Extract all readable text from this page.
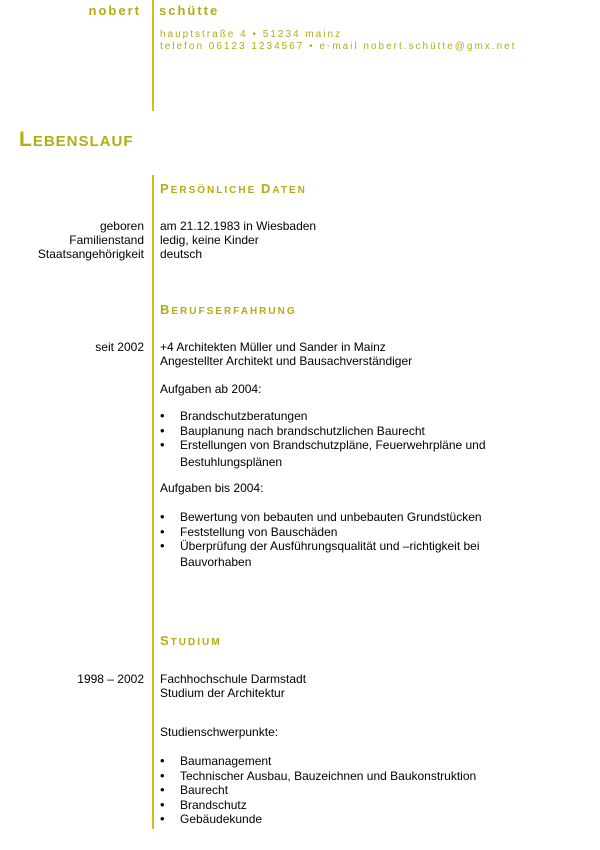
nobert schütte
hauptstraße 4 • 51234 mainz
telefon 06123 1234567 • e-mail nobert.schütte@gmx.net
LEBENSLAUF
PERSÖNLICHE DATEN
geboren am 21.12.1983 in Wiesbaden
Familienstand ledig, keine Kinder
Staatsangehörigkeit deutsch
BERUFSERFAHRUNG
seit 2002 +4 Architekten Müller und Sander in Mainz
Angestellter Architekt und Bausachverständiger
Aufgaben ab 2004:
• Brandschutzberatungen
• Bauplanung nach brandschutzlichen Baurecht
• Erstellungen von Brandschutzpläne, Feuerwehrpläne und
Bestuhlungsplänen
Aufgaben bis 2004:
• Bewertung von bebauten und unbebauten Grundstücken
• Feststellung von Bauschäden
• Überprüfung der Ausführungsqualität und –richtigkeit bei
Bauvorhaben
STUDIUM
1998 – 2002 Fachhochschule Darmstadt
Studium der Architektur
Studienschwerpunkte:
• Baumanagement
• Technischer Ausbau, Bauzeichnen und Baukonstruktion
• Baurecht
• Brandschutz
• Gebäudekunde
